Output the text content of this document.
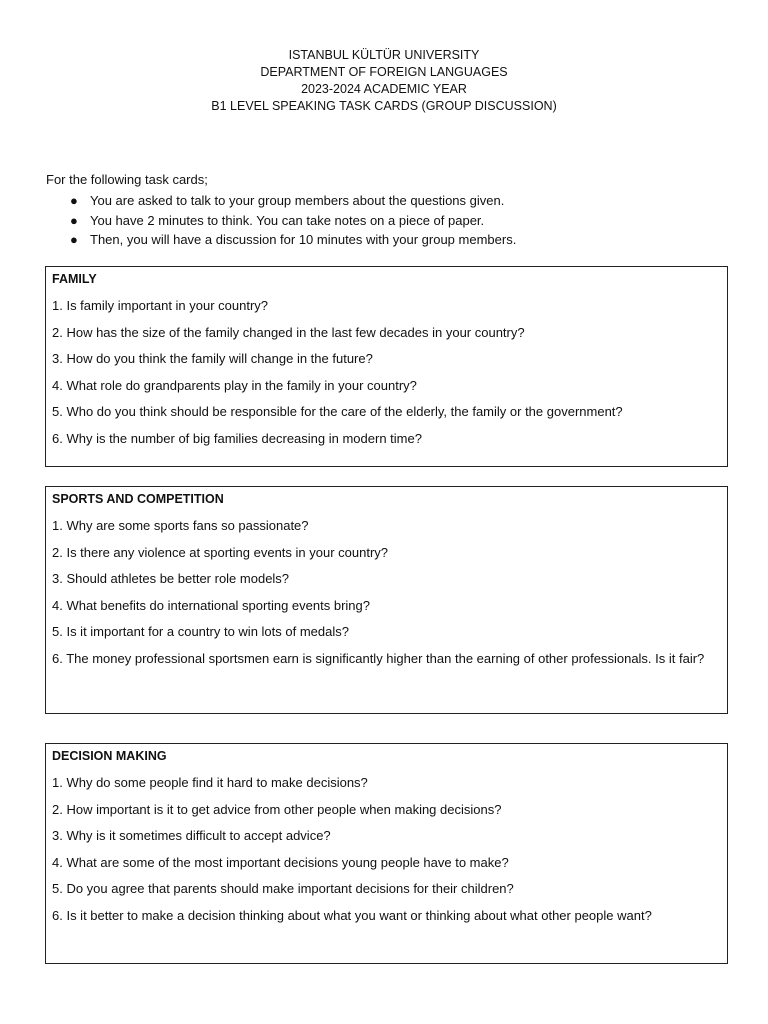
ISTANBUL KÜLTÜR UNIVERSITY
DEPARTMENT OF FOREIGN LANGUAGES
2023-2024 ACADEMIC YEAR
B1 LEVEL SPEAKING TASK CARDS (GROUP DISCUSSION)
For the following task cards;
● You are asked to talk to your group members about the questions given.
● You have 2 minutes to think. You can take notes on a piece of paper.
● Then, you will have a discussion for 10 minutes with your group members.
FAMILY
1. Is family important in your country?
2. How has the size of the family changed in the last few decades in your country?
3. How do you think the family will change in the future?
4. What role do grandparents play in the family in your country?
5. Who do you think should be responsible for the care of the elderly, the family or the government?
6. Why is the number of big families decreasing in modern time?
SPORTS AND COMPETITION
1. Why are some sports fans so passionate?
2. Is there any violence at sporting events in your country?
3. Should athletes be better role models?
4. What benefits do international sporting events bring?
5. Is it important for a country to win lots of medals?
6. The money professional sportsmen earn is significantly higher than the earning of other professionals. Is it fair?
DECISION MAKING
1. Why do some people find it hard to make decisions?
2. How important is it to get advice from other people when making decisions?
3. Why is it sometimes difficult to accept advice?
4. What are some of the most important decisions young people have to make?
5. Do you agree that parents should make important decisions for their children?
6. Is it better to make a decision thinking about what you want or thinking about what other people want?
